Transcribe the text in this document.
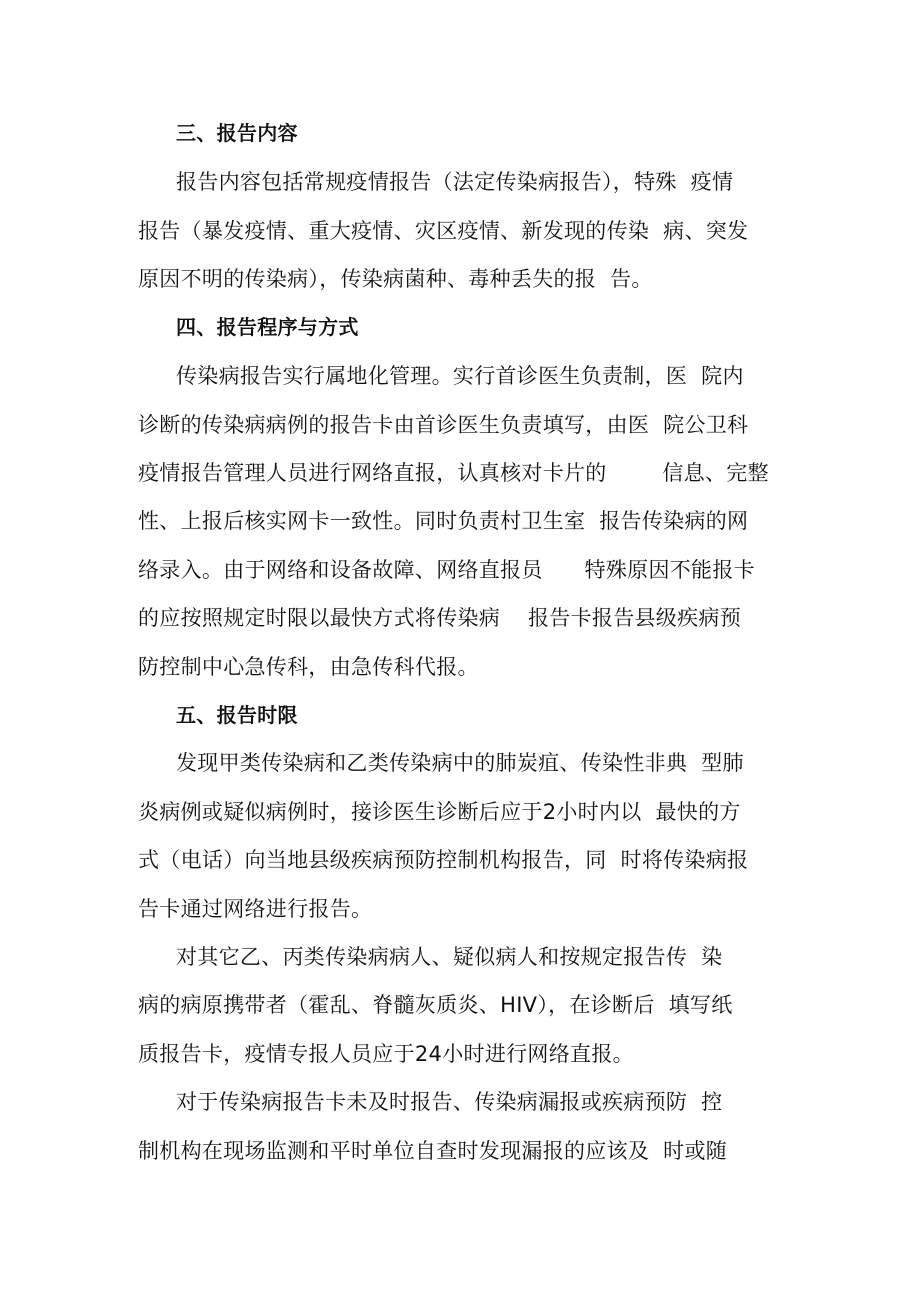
三、报告内容
报告内容包括常规疫情报告（法定传染病报告），特殊  疫情
报告（暴发疫情、重大疫情、灾区疫情、新发现的传染  病、突发
原因不明的传染病），传染病菌种、毒种丢失的报  告。
四、报告程序与方式
传染病报告实行属地化管理。实行首诊医生负责制，医  院内
诊断的传染病病例的报告卡由首诊医生负责填写，由医  院公卫科
疫情报告管理人员进行网络直报，认真核对卡片的        信息、完整
性、上报后核实网卡一致性。同时负责村卫生室  报告传染病的网
络录入。由于网络和设备故障、网络直报员      特殊原因不能报卡
的应按照规定时限以最快方式将传染病    报告卡报告县级疾病预
防控制中心急传科，由急传科代报。
五、报告时限
发现甲类传染病和乙类传染病中的肺炭疽、传染性非典  型肺
炎病例或疑似病例时，接诊医生诊断后应于2小时内以  最快的方
式（电话）向当地县级疾病预防控制机构报告，同  时将传染病报
告卡通过网络进行报告。
对其它乙、丙类传染病病人、疑似病人和按规定报告传  染
病的病原携带者（霍乱、脊髓灰质炎、HIV），在诊断后  填写纸
质报告卡，疫情专报人员应于24小时进行网络直报。
对于传染病报告卡未及时报告、传染病漏报或疾病预防  控
制机构在现场监测和平时单位自查时发现漏报的应该及  时或随
